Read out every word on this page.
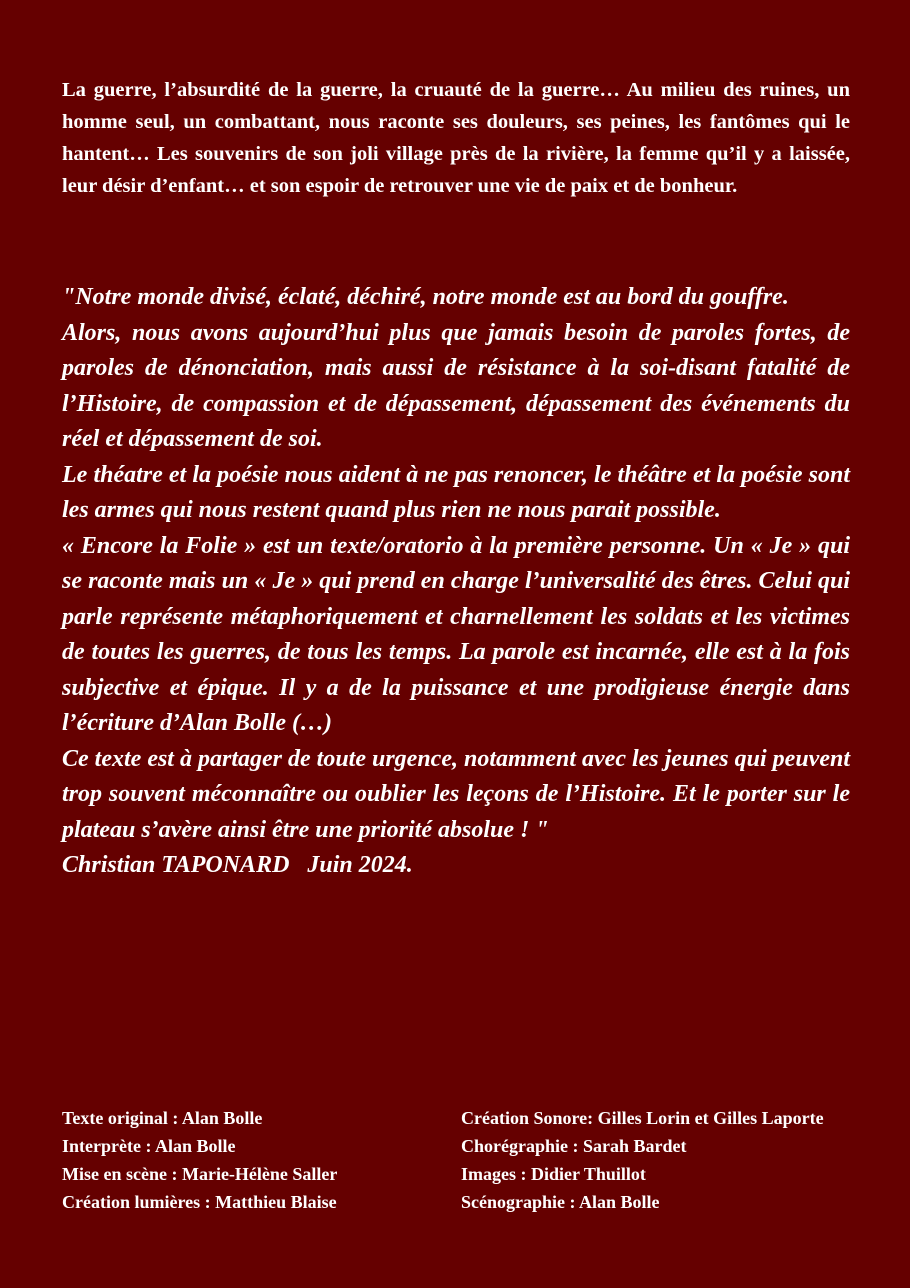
La guerre, l’absurdité de la guerre, la cruauté de la guerre… Au milieu des ruines, un homme seul, un combattant, nous raconte ses douleurs, ses peines, les fantômes qui le hantent… Les souvenirs de son joli village près de la rivière, la femme qu’il y a laissée, leur désir d’enfant… et son espoir de retrouver une vie de paix et de bonheur.

"Notre monde divisé, éclaté, déchiré, notre monde est au bord du gouffre.

Alors, nous avons aujourd’hui plus que jamais besoin de paroles fortes, de paroles de dénonciation, mais aussi de résistance à la soi-disant fatalité de l’Histoire, de compassion et de dépassement, dépassement des événements du réel et dépassement de soi.

Le théatre et la poésie nous aident à ne pas renoncer, le théâtre et la poésie sont les armes qui nous restent quand plus rien ne nous parait possible.

« Encore la Folie » est un texte/oratorio à la première personne. Un « Je » qui se raconte mais un « Je » qui prend en charge l’universalité des êtres. Celui qui parle représente métaphoriquement et charnellement les soldats et les victimes de toutes les guerres, de tous les temps. La parole est incarnée, elle est à la fois subjective et épique. Il y a de la puissance et une prodigieuse énergie dans l’écriture d’Alan Bolle (…)

Ce texte est à partager de toute urgence, notamment avec les jeunes qui peuvent trop souvent méconnaître ou oublier les leçons de l’Histoire. Et le porter sur le plateau s’avère ainsi être une priorité absolue ! "

Christian TAPONARD   Juin 2024.

Texte original : Alan Bolle

Interprète : Alan Bolle

Mise en scène : Marie-Hélène Saller

Création lumières : Matthieu Blaise

Création Sonore: Gilles Lorin et Gilles Laporte

Chorégraphie : Sarah Bardet

Images : Didier Thuillot

Scénographie : Alan Bolle
